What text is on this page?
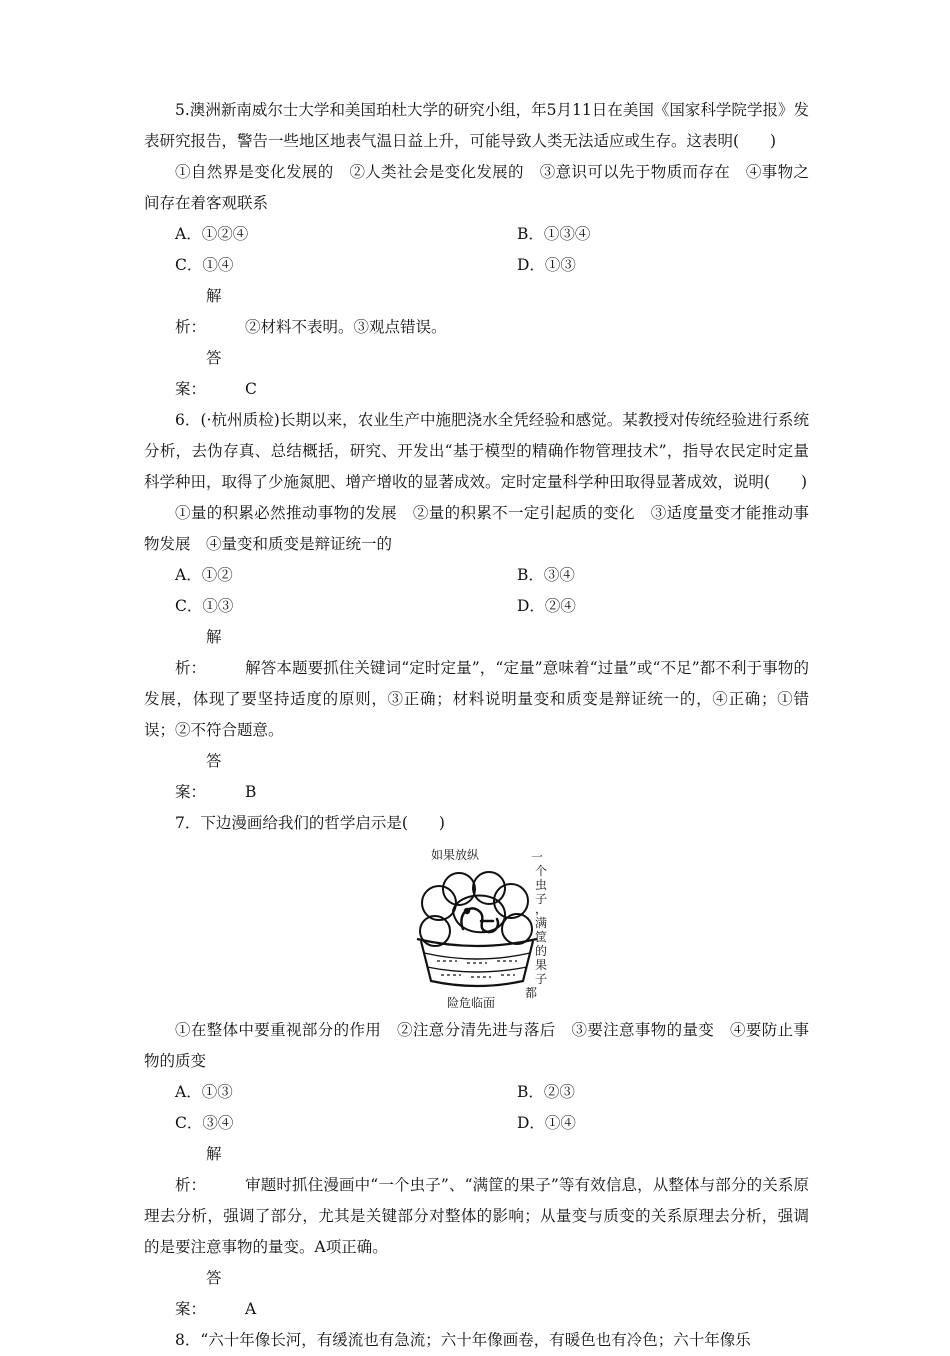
5.澳洲新南威尔士大学和美国珀杜大学的研究小组，年5月11日在美国《国家科学院学报》发表研究报告，警告一些地区地表气温日益上升，可能导致人类无法适应或生存。这表明(　　)

①自然界是变化发展的　②人类社会是变化发展的　③意识可以先于物质而存在　④事物之间存在着客观联系

A．①②④	B．①③④
C．①④	D．①③

解析：	②材料不表明。③观点错误。

答案：	C

6．(·杭州质检)长期以来，农业生产中施肥浇水全凭经验和感觉。某教授对传统经验进行系统分析，去伪存真、总结概括，研究、开发出“基于模型的精确作物管理技术”，指导农民定时定量科学种田，取得了少施氮肥、增产增收的显著成效。定时定量科学种田取得显著成效，说明(　　)

①量的积累必然推动事物的发展　②量的积累不一定引起质的变化　③适度量变才能推动事物发展　④量变和质变是辩证统一的

A．①②	B．③④
C．①③	D．②④

解析：	解答本题要抓住关键词“定时定量”，“定量”意味着“过量”或“不足”都不利于事物的发展，体现了要坚持适度的原则，③正确；材料说明量变和质变是辩证统一的，④正确；①错误；②不符合题意。

答案：	B

7．下边漫画给我们的哲学启示是(　　)

如果放纵	一
个
虫
子
，
满
筐
的
果
子
都
险危临面

①在整体中要重视部分的作用　②注意分清先进与落后　③要注意事物的量变　④要防止事物的质变

A．①③	B．②③
C．③④	D．①④

解析：	审题时抓住漫画中“一个虫子”、“满筐的果子”等有效信息，从整体与部分的关系原理去分析，强调了部分，尤其是关键部分对整体的影响；从量变与质变的关系原理去分析，强调的是要注意事物的量变。A项正确。

答案：	A

8．“六十年像长河，有缓流也有急流；六十年像画卷，有暖色也有冷色；六十年像乐
